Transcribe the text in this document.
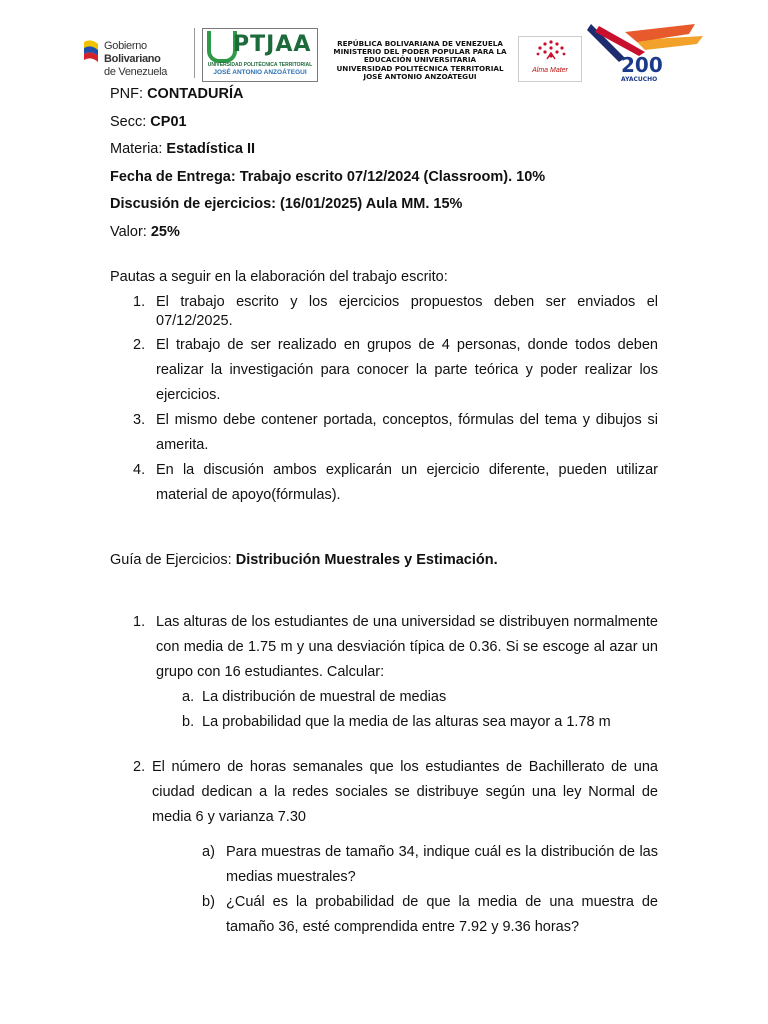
Gobierno Bolivariano
de Venezuela
PTJAA
UNIVERSIDAD POLITÉCNICA TERRITORIAL
JOSÉ ANTONIO ANZOÁTEGUI
REPÚBLICA BOLIVARIANA DE VENEZUELA
MINISTERIO DEL PODER POPULAR PARA LA
EDUCACIÓN UNIVERSITARIA
UNIVERSIDAD POLITÉCNICA TERRITORIAL
JOSÉ ANTONIO ANZOÁTEGUI
Alma Mater	200
AYACUCHO
PNF: CONTADURÍA
Secc: CP01
Materia: Estadística II
Fecha de Entrega: Trabajo escrito 07/12/2024 (Classroom). 10%
Discusión de ejercicios: (16/01/2025) Aula MM. 15%
Valor: 25%
Pautas a seguir en la elaboración del trabajo escrito:
1. El trabajo escrito y los ejercicios propuestos deben ser enviados el 07/12/2025.
2. El trabajo de ser realizado en grupos de 4 personas, donde todos deben realizar la investigación para conocer la parte teórica y poder realizar los ejercicios.
3. El mismo debe contener portada, conceptos, fórmulas del tema y dibujos si amerita.
4. En la discusión ambos explicarán un ejercicio diferente, pueden utilizar material de apoyo(fórmulas).
Guía de Ejercicios: Distribución Muestrales y Estimación.
1. Las alturas de los estudiantes de una universidad se distribuyen normalmente con media de 1.75 m y una desviación típica de 0.36. Si se escoge al azar un grupo con 16 estudiantes. Calcular:
a. La distribución de muestral de medias
b. La probabilidad que la media de las alturas sea mayor a 1.78 m
2. El número de horas semanales que los estudiantes de Bachillerato de una ciudad dedican a la redes sociales se distribuye según una ley Normal de media 6 y varianza 7.30
a) Para muestras de tamaño 34, indique cuál es la distribución de las medias muestrales?
b) ¿Cuál es la probabilidad de que la media de una muestra de tamaño 36, esté comprendida entre 7.92 y 9.36 horas?
